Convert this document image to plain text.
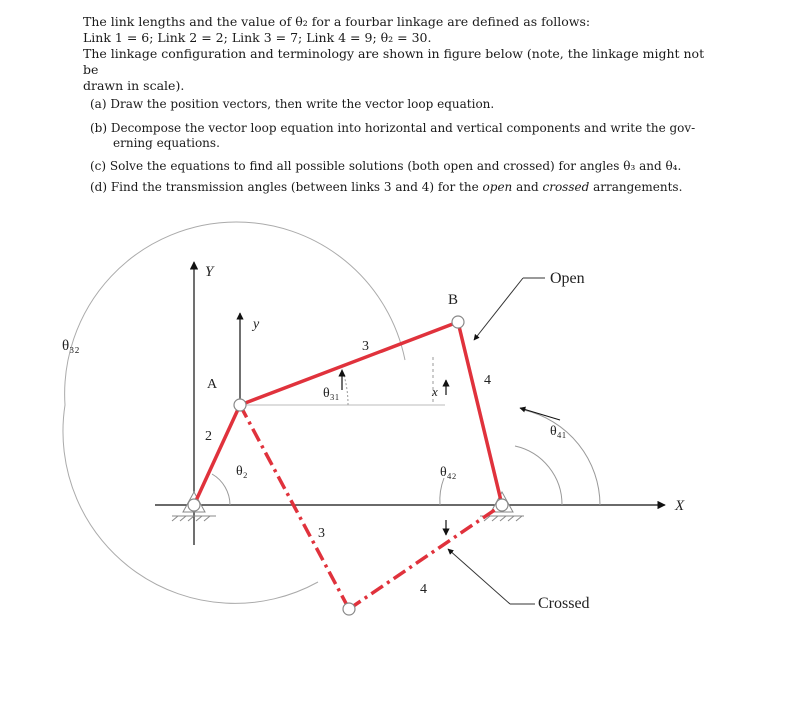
The link lengths and the value of θ₂ for a fourbar linkage are defined as follows:

Link 1 = 6; Link 2 = 2; Link 3 = 7; Link 4 = 9; θ₂ = 30.

The linkage configuration and terminology are shown in figure below (note, the linkage might not be

drawn in scale).

(a) Draw the position vectors, then write the vector loop equation.

(b) Decompose the vector loop equation into horizontal and vertical components and write the gov-

erning equations.

(c) Solve the equations to find all possible solutions (both open and crossed) for angles θ₃ and θ₄.

(d) Find the transmission angles (between links 3 and 4) for the open and crossed arrangements.

Y
y
X
x
A
B
Open
Crossed
2
3
4
3
4
θ₂
θ₃₁
θ₃₂
θ₄₁
θ₄₂
